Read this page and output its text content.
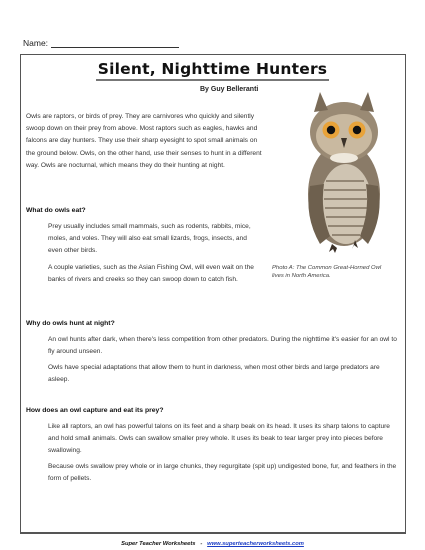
Name:
Silent, Nighttime Hunters
By Guy Belleranti
Owls are raptors, or birds of prey. They are carnivores who quickly and silently swoop down on their prey from above. Most raptors such as eagles, hawks and falcons are day hunters. They use their sharp eyesight to spot small animals on the ground below. Owls, on the other hand, use their senses to hunt in a different way. Owls are nocturnal, which means they do their hunting at night.
Photo A: The Common Great-Horned Owl lives in North America.
What do owls eat?
Prey usually includes small mammals, such as rodents, rabbits, mice, moles, and voles. They will also eat small lizards, frogs, insects, and even other birds.
A couple varieties, such as the Asian Fishing Owl, will even wait on the banks of rivers and creeks so they can swoop down to catch fish.
Why do owls hunt at night?
An owl hunts after dark, when there's less competition from other predators. During the nighttime it's easier for an owl to fly around unseen.
Owls have special adaptations that allow them to hunt in darkness, when most other birds and large predators are asleep.
How does an owl capture and eat its prey?
Like all raptors, an owl has powerful talons on its feet and a sharp beak on its head. It uses its sharp talons to capture and hold small animals. Owls can swallow smaller prey whole. It uses its beak to tear larger prey into pieces before swallowing.
Because owls swallow prey whole or in large chunks, they regurgitate (spit up) undigested bone, fur, and feathers in the form of pellets.
Super Teacher Worksheets - www.superteacherworksheets.com
